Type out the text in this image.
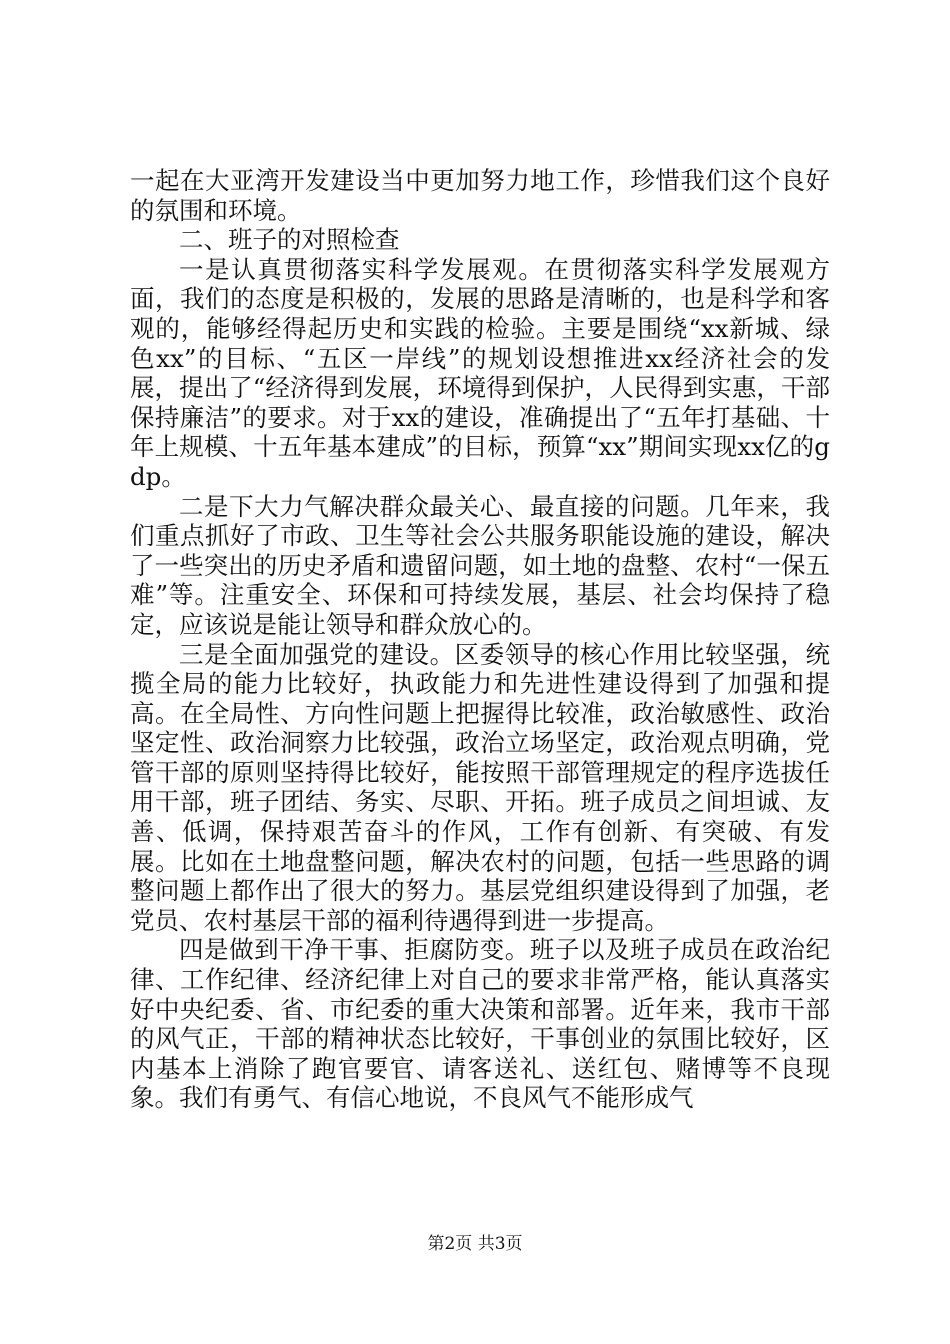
一起在大亚湾开发建设当中更加努力地工作，珍惜我们这个良好的氛围和环境。

二、班子的对照检查

一是认真贯彻落实科学发展观。在贯彻落实科学发展观方面，我们的态度是积极的，发展的思路是清晰的，也是科学和客观的，能够经得起历史和实践的检验。主要是围绕“xx新城、绿色xx”的目标、“五区一岸线”的规划设想推进xx经济社会的发展，提出了“经济得到发展，环境得到保护，人民得到实惠，干部保持廉洁”的要求。对于xx的建设，准确提出了“五年打基础、十年上规模、十五年基本建成”的目标，预算“xx”期间实现xx亿的gdp。

二是下大力气解决群众最关心、最直接的问题。几年来，我们重点抓好了市政、卫生等社会公共服务职能设施的建设，解决了一些突出的历史矛盾和遗留问题，如土地的盘整、农村“一保五难”等。注重安全、环保和可持续发展，基层、社会均保持了稳定，应该说是能让领导和群众放心的。

三是全面加强党的建设。区委领导的核心作用比较坚强，统揽全局的能力比较好，执政能力和先进性建设得到了加强和提高。在全局性、方向性问题上把握得比较准，政治敏感性、政治坚定性、政治洞察力比较强，政治立场坚定，政治观点明确，党管干部的原则坚持得比较好，能按照干部管理规定的程序选拔任用干部，班子团结、务实、尽职、开拓。班子成员之间坦诚、友善、低调，保持艰苦奋斗的作风，工作有创新、有突破、有发展。比如在土地盘整问题，解决农村的问题，包括一些思路的调整问题上都作出了很大的努力。基层党组织建设得到了加强，老党员、农村基层干部的福利待遇得到进一步提高。

四是做到干净干事、拒腐防变。班子以及班子成员在政治纪律、工作纪律、经济纪律上对自己的要求非常严格，能认真落实好中央纪委、省、市纪委的重大决策和部署。近年来，我市干部的风气正，干部的精神状态比较好，干事创业的氛围比较好，区内基本上消除了跑官要官、请客送礼、送红包、赌博等不良现象。我们有勇气、有信心地说，不良风气不能形成气

第2页 共3页
